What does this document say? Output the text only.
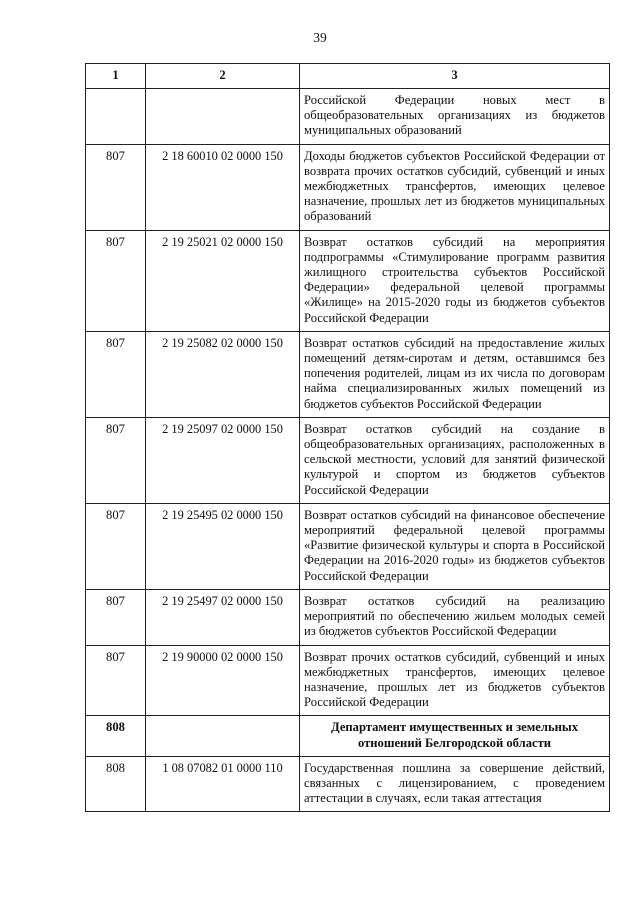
39
1	2	3
		Российской Федерации новых мест в общеобразовательных организациях из бюджетов муниципальных образований
807	2 18 60010 02 0000 150	Доходы бюджетов субъектов Российской Федерации от возврата прочих остатков субсидий, субвенций и иных межбюджетных трансфертов, имеющих целевое назначение, прошлых лет из бюджетов муниципальных образований
807	2 19 25021 02 0000 150	Возврат остатков субсидий на мероприятия подпрограммы «Стимулирование программ развития жилищного строительства субъектов Российской Федерации» федеральной целевой программы «Жилище» на 2015-2020 годы из бюджетов субъектов Российской Федерации
807	2 19 25082 02 0000 150	Возврат остатков субсидий на предоставление жилых помещений детям-сиротам и детям, оставшимся без попечения родителей, лицам из их числа по договорам найма специализированных жилых помещений из бюджетов субъектов Российской Федерации
807	2 19 25097 02 0000 150	Возврат остатков субсидий на создание в общеобразовательных организациях, расположенных в сельской местности, условий для занятий физической культурой и спортом из бюджетов субъектов Российской Федерации
807	2 19 25495 02 0000 150	Возврат остатков субсидий на финансовое обеспечение мероприятий федеральной целевой программы «Развитие физической культуры и спорта в Российской Федерации на 2016-2020 годы» из бюджетов субъектов Российской Федерации
807	2 19 25497 02 0000 150	Возврат остатков субсидий на реализацию мероприятий по обеспечению жильем молодых семей из бюджетов субъектов Российской Федерации
807	2 19 90000 02 0000 150	Возврат прочих остатков субсидий, субвенций и иных межбюджетных трансфертов, имеющих целевое назначение, прошлых лет из бюджетов субъектов Российской Федерации
808		Департамент имущественных и земельных отношений Белгородской области
808	1 08 07082 01 0000 110	Государственная пошлина за совершение действий, связанных с лицензированием, с проведением аттестации в случаях, если такая аттестация
